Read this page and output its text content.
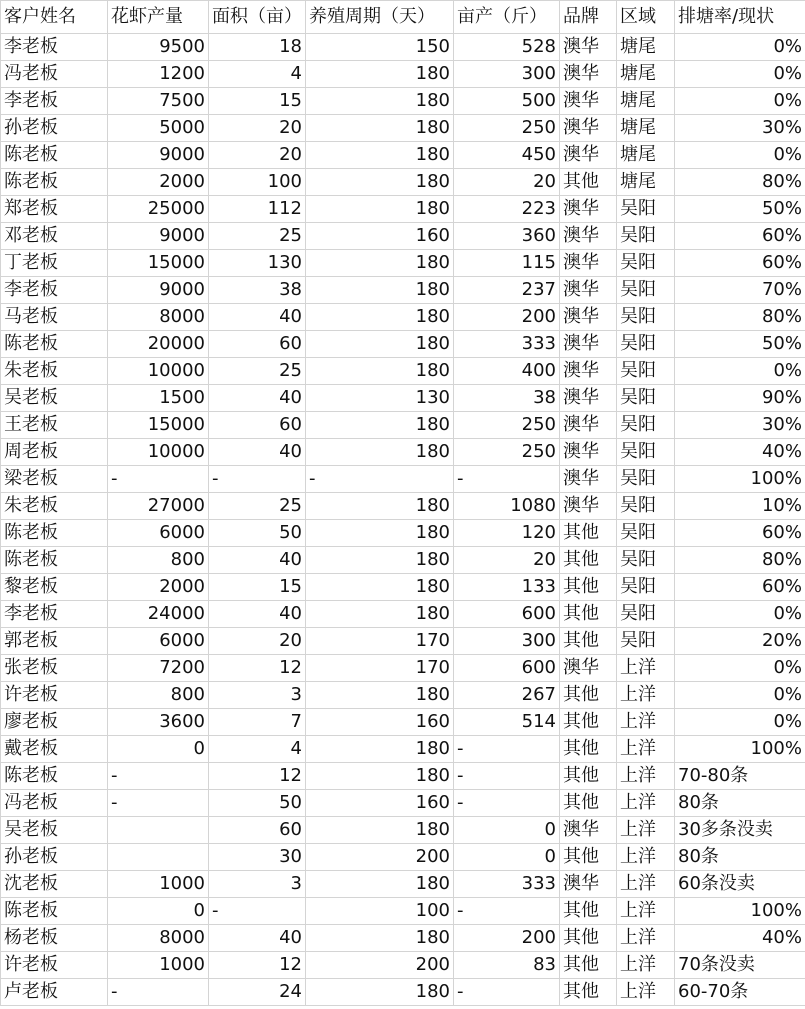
客户姓名	花虾产量	面积（亩）	养殖周期（天）	亩产（斤）	品牌	区域	排塘率/现状
李老板	9500	18	150	528	澳华	塘尾	0%
冯老板	1200	4	180	300	澳华	塘尾	0%
李老板	7500	15	180	500	澳华	塘尾	0%
孙老板	5000	20	180	250	澳华	塘尾	30%
陈老板	9000	20	180	450	澳华	塘尾	0%
陈老板	2000	100	180	20	其他	塘尾	80%
郑老板	25000	112	180	223	澳华	吴阳	50%
邓老板	9000	25	160	360	澳华	吴阳	60%
丁老板	15000	130	180	115	澳华	吴阳	60%
李老板	9000	38	180	237	澳华	吴阳	70%
马老板	8000	40	180	200	澳华	吴阳	80%
陈老板	20000	60	180	333	澳华	吴阳	50%
朱老板	10000	25	180	400	澳华	吴阳	0%
吴老板	1500	40	130	38	澳华	吴阳	90%
王老板	15000	60	180	250	澳华	吴阳	30%
周老板	10000	40	180	250	澳华	吴阳	40%
梁老板	-	-	-	-	澳华	吴阳	100%
朱老板	27000	25	180	1080	澳华	吴阳	10%
陈老板	6000	50	180	120	其他	吴阳	60%
陈老板	800	40	180	20	其他	吴阳	80%
黎老板	2000	15	180	133	其他	吴阳	60%
李老板	24000	40	180	600	其他	吴阳	0%
郭老板	6000	20	170	300	其他	吴阳	20%
张老板	7200	12	170	600	澳华	上洋	0%
许老板	800	3	180	267	其他	上洋	0%
廖老板	3600	7	160	514	其他	上洋	0%
戴老板	0	4	180	-	其他	上洋	100%
陈老板	-	12	180	-	其他	上洋	70-80条
冯老板	-	50	160	-	其他	上洋	80条
吴老板		60	180	0	澳华	上洋	30多条没卖
孙老板		30	200	0	其他	上洋	80条
沈老板	1000	3	180	333	澳华	上洋	60条没卖
陈老板	0	-	100	-	其他	上洋	100%
杨老板	8000	40	180	200	其他	上洋	40%
许老板	1000	12	200	83	其他	上洋	70条没卖
卢老板	-	24	180	-	其他	上洋	60-70条
